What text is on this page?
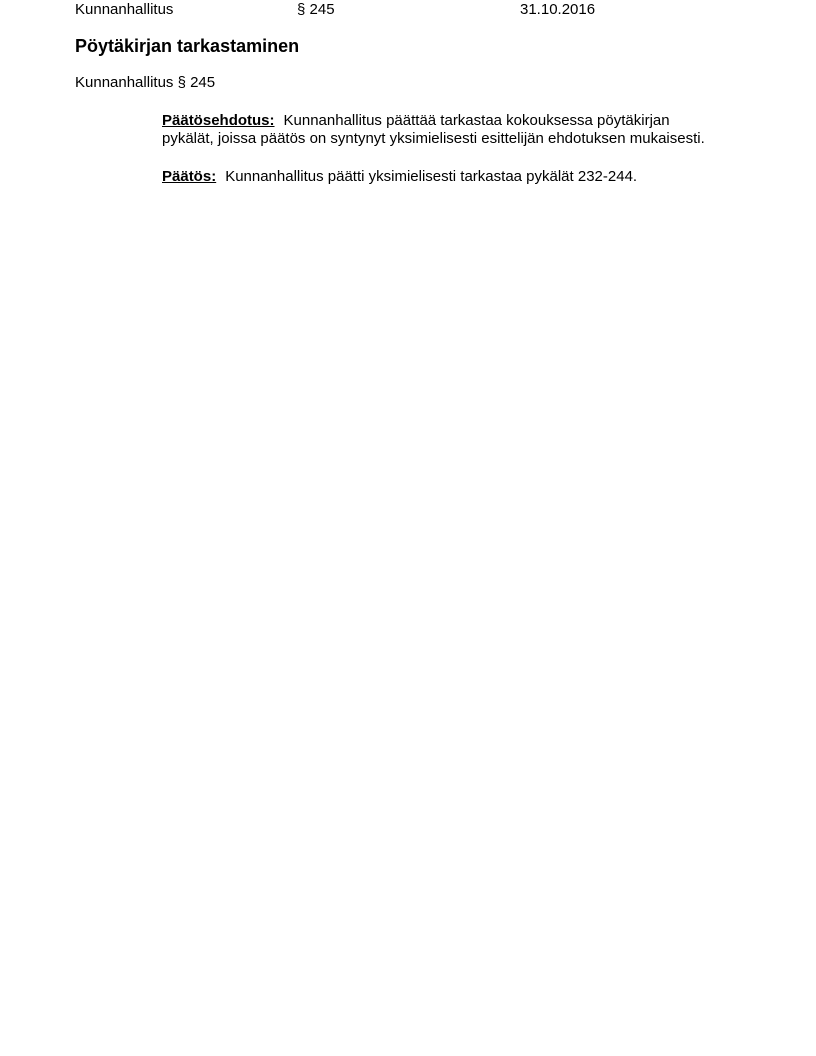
Kunnanhallitus	§ 245	31.10.2016
Pöytäkirjan tarkastaminen
Kunnanhallitus § 245

Päätösehdotus: Kunnanhallitus päättää tarkastaa kokouksessa pöytäkirjan pykälät, joissa päätös on syntynyt yksimielisesti esittelijän ehdotuksen mukaisesti.

Päätös: Kunnanhallitus päätti yksimielisesti tarkastaa pykälät 232-244.
